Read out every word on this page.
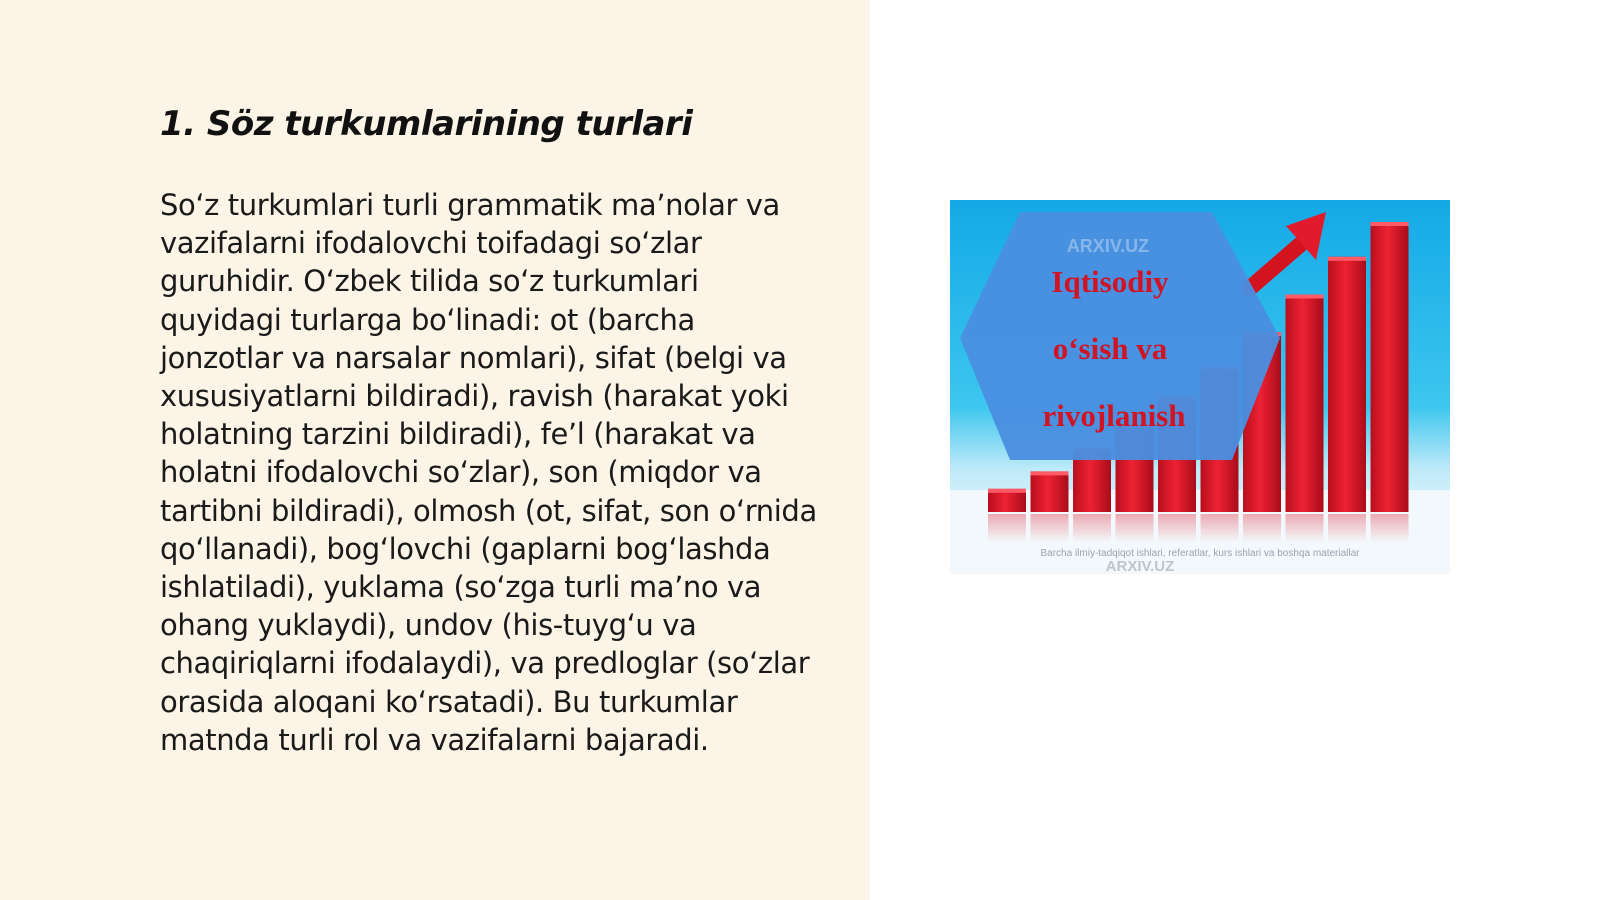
1. Söz turkumlarining turlari

So‘z turkumlari turli grammatik ma’nolar va vazifalarni ifodalovchi toifadagi so‘zlar guruhidir. O‘zbek tilida so‘z turkumlari quyidagi turlarga bo‘linadi: ot (barcha jonzotlar va narsalar nomlari), sifat (belgi va xususiyatlarni bildiradi), ravish (harakat yoki holatning tarzini bildiradi), fe’l (harakat va holatni ifodalovchi so‘zlar), son (miqdor va tartibni bildiradi), olmosh (ot, sifat, son o‘rnida qo‘llanadi), bog‘lovchi (gaplarni bog‘lashda ishlatiladi), yuklama (so‘zga turli ma’no va ohang yuklaydi), undov (his-tuyg‘u va chaqiriqlarni ifodalaydi), va predloglar (so‘zlar orasida aloqani ko‘rsatadi). Bu turkumlar matnda turli rol va vazifalarni bajaradi.

ARXIV.UZ
Iqtisodiy
o‘sish va
rivojlanish
Barcha ilmiy-tadqiqot ishlari, referatlar, kurs ishlari va boshqa materiallar
ARXIV.UZ
